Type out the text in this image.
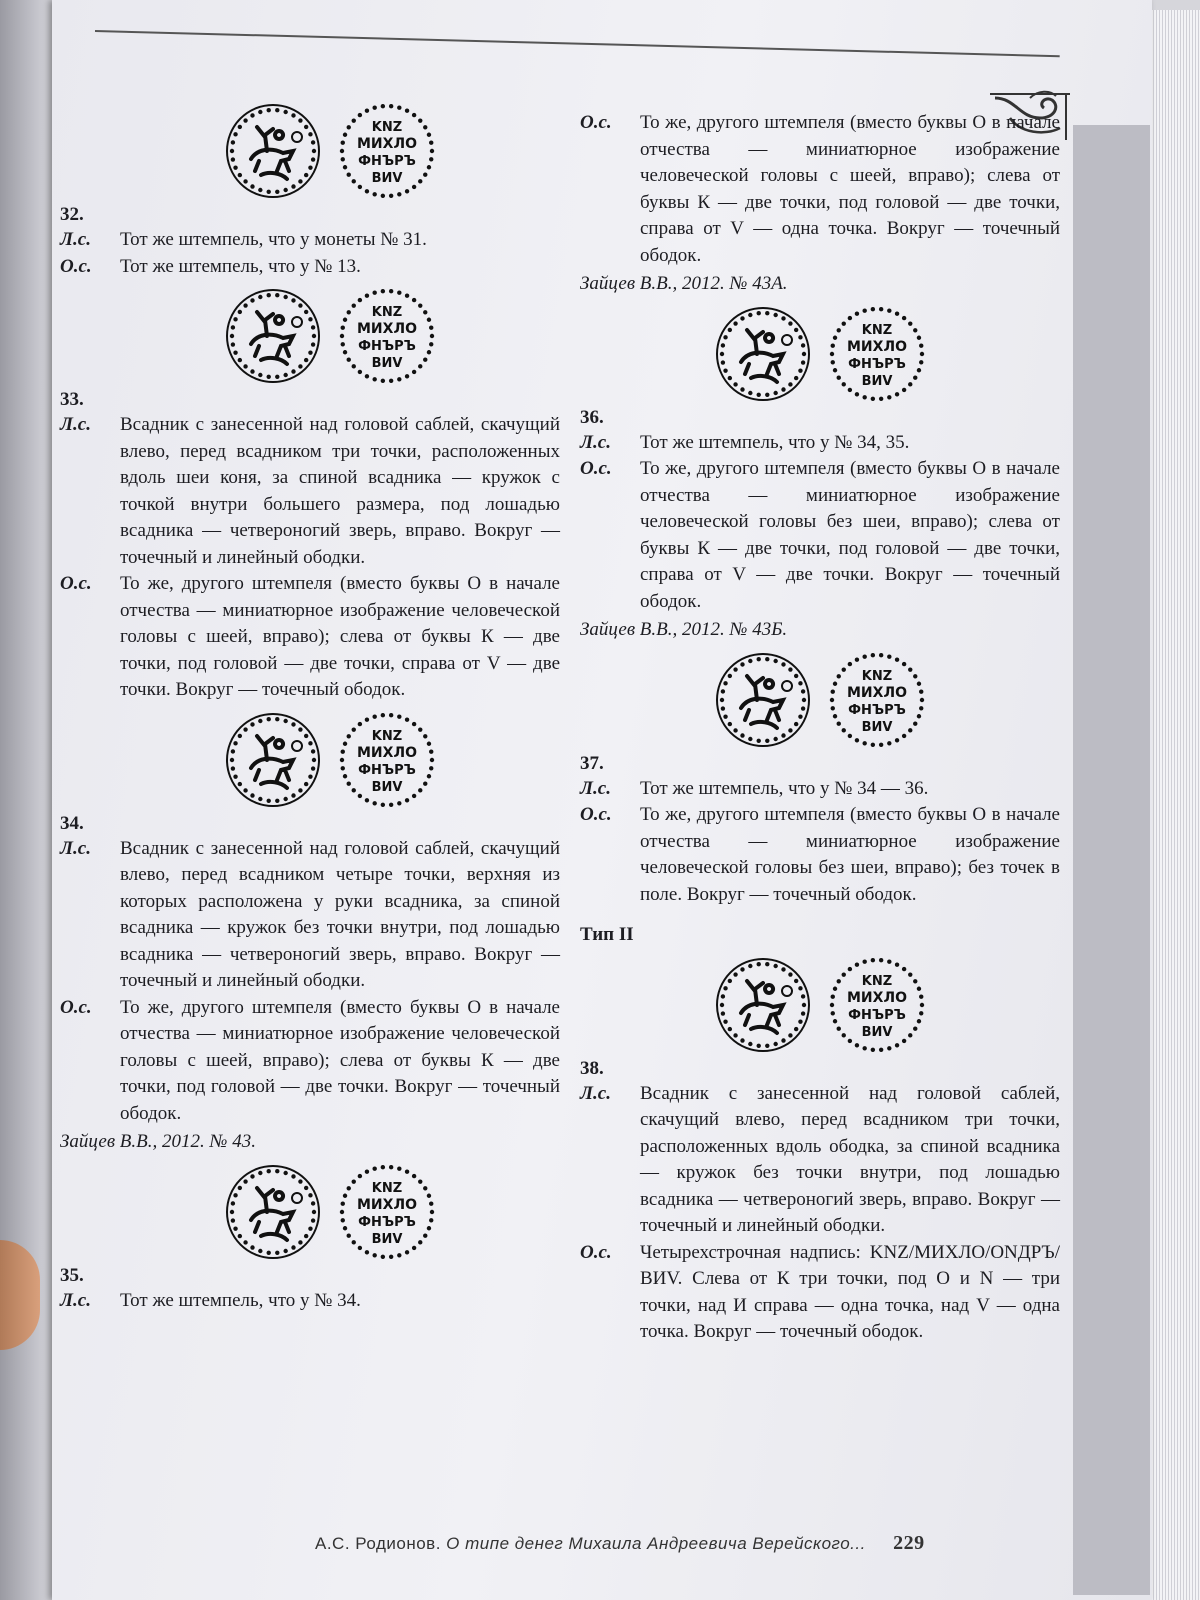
KNZ
МИХЛО
ФНЪРЪ
ВИV
32.
Л.с.	Тот же штемпель, что у монеты № 31.
О.с.	Тот же штемпель, что у № 13.
KNZ
МИХЛО
ФНЪРЪ
ВИV
33.
Л.с.	Всадник с занесенной над головой саблей, скачущий влево, перед всадником три точки, расположенных вдоль шеи коня, за спиной всадника — кружок с точкой внутри большего размера, под лошадью всадника — четвероногий зверь, вправо. Вокруг — точечный и линейный ободки.
О.с.	То же, другого штемпеля (вместо буквы О в начале отчества — миниатюрное изображение человеческой головы с шеей, вправо); слева от буквы К — две точки, под головой — две точки, справа от V — две точки. Вокруг — точечный ободок.
KNZ
МИХЛО
ФНЪРЪ
ВИV
34.
Л.с.	Всадник с занесенной над головой саблей, скачущий влево, перед всадником четыре точки, верхняя из которых расположена у руки всадника, за спиной всадника — кружок без точки внутри, под лошадью всадника — четвероногий зверь, вправо. Вокруг — точечный и линейный ободки.
О.с.	То же, другого штемпеля (вместо буквы О в начале отчества — миниатюрное изображение человеческой головы с шеей, вправо); слева от буквы К — две точки, под головой — две точки. Вокруг — точечный ободок.
Зайцев В.В., 2012. № 43.
KNZ
МИХЛО
ФНЪРЪ
ВИV
35.
Л.с.	Тот же штемпель, что у № 34.
О.с.	То же, другого штемпеля (вместо буквы О в начале отчества — миниатюрное изображение человеческой головы с шеей, вправо); слева от буквы К — две точки, под головой — две точки, справа от V — одна точка. Вокруг — точечный ободок.
Зайцев В.В., 2012. № 43А.
KNZ
МИХЛО
ФНЪРЪ
ВИV
36.
Л.с.	Тот же штемпель, что у № 34, 35.
О.с.	То же, другого штемпеля (вместо буквы О в начале отчества — миниатюрное изображение человеческой головы без шеи, вправо); слева от буквы К — две точки, под головой — две точки, справа от V — две точки. Вокруг — точечный ободок.
Зайцев В.В., 2012. № 43Б.
KNZ
МИХЛО
ФНЪРЪ
ВИV
37.
Л.с.	Тот же штемпель, что у № 34 — 36.
О.с.	То же, другого штемпеля (вместо буквы О в начале отчества — миниатюрное изображение человеческой головы без шеи, вправо); без точек в поле. Вокруг — точечный ободок.
Тип II
KNZ
МИХЛО
ФНЪРЪ
ВИV
38.
Л.с.	Всадник с занесенной над головой саблей, скачущий влево, перед всадником три точки, расположенных вдоль ободка, за спиной всадника — кружок без точки внутри, под лошадью всадника — четвероногий зверь, вправо. Вокруг — точечный и линейный ободки.
О.с.	Четырехстрочная надпись: KNZ/МИХЛО/ОNДРЪ/ВИV. Слева от К три точки, под О и N — три точки, над И справа — одна точка, над V — одна точка. Вокруг — точечный ободок.
А.С. Родионов. О типе денег Михаила Андреевича Верейского... 229
